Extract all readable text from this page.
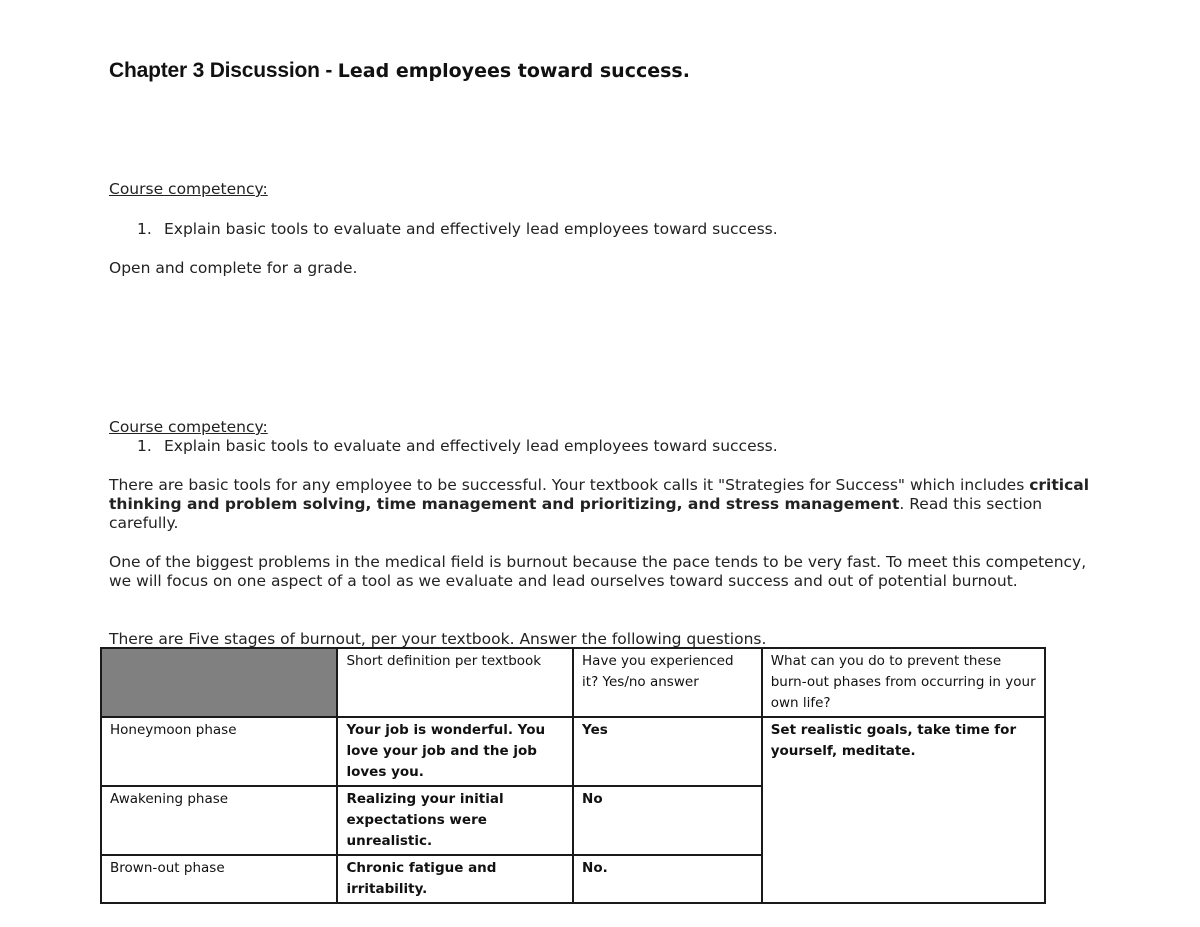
Chapter 3 Discussion - Lead employees toward success.
Course competency:
1. Explain basic tools to evaluate and effectively lead employees toward success.
Open and complete for a grade.
Course competency:
1. Explain basic tools to evaluate and effectively lead employees toward success.
There are basic tools for any employee to be successful. Your textbook calls it "Strategies for Success" which includes critical thinking and problem solving, time management and prioritizing, and stress management. Read this section carefully.
One of the biggest problems in the medical field is burnout because the pace tends to be very fast. To meet this competency, we will focus on one aspect of a tool as we evaluate and lead ourselves toward success and out of potential burnout.
There are Five stages of burnout, per your textbook. Answer the following questions.
	Short definition per textbook	Have you experienced it? Yes/no answer	What can you do to prevent these burn-out phases from occurring in your own life?
Honeymoon phase	Your job is wonderful. You love your job and the job loves you.	Yes	Set realistic goals, take time for yourself, meditate.
Awakening phase	Realizing your initial expectations were unrealistic.	No	
Brown-out phase	Chronic fatigue and irritability.	No.	
